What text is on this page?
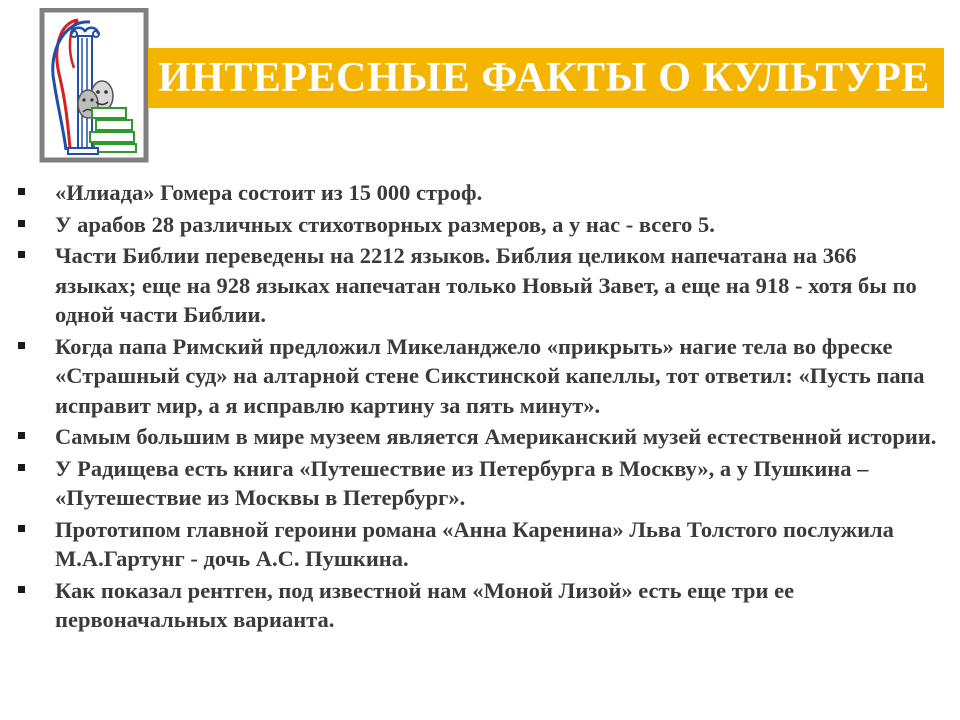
ИНТЕРЕСНЫЕ ФАКТЫ О КУЛЬТУРЕ
«Илиада» Гомера состоит из 15 000 строф.
У арабов 28 различных стихотворных размеров, а у нас - всего 5.
Части Библии переведены на 2212 языков. Библия целиком напечатана на 366 языках; еще на 928 языках напечатан только Новый Завет, а еще на 918 - хотя бы по одной части Библии.
Когда папа Римский предложил Микеланджело «прикрыть» нагие тела во фреске «Страшный суд» на алтарной стене Сикстинской капеллы, тот ответил: «Пусть папа исправит мир, а я исправлю картину за пять минут».
Самым большим в мире музеем является Американский музей естественной истории.
У Радищева есть книга «Путешествие из Петербурга в Москву», а у Пушкина – «Путешествие из Москвы в Петербург».
Прототипом главной героини романа «Анна Каренина» Льва Толстого послужила М.А.Гартунг - дочь А.С. Пушкина.
Как показал рентген, под известной нам «Моной Лизой» есть еще три ее первоначальных варианта.
